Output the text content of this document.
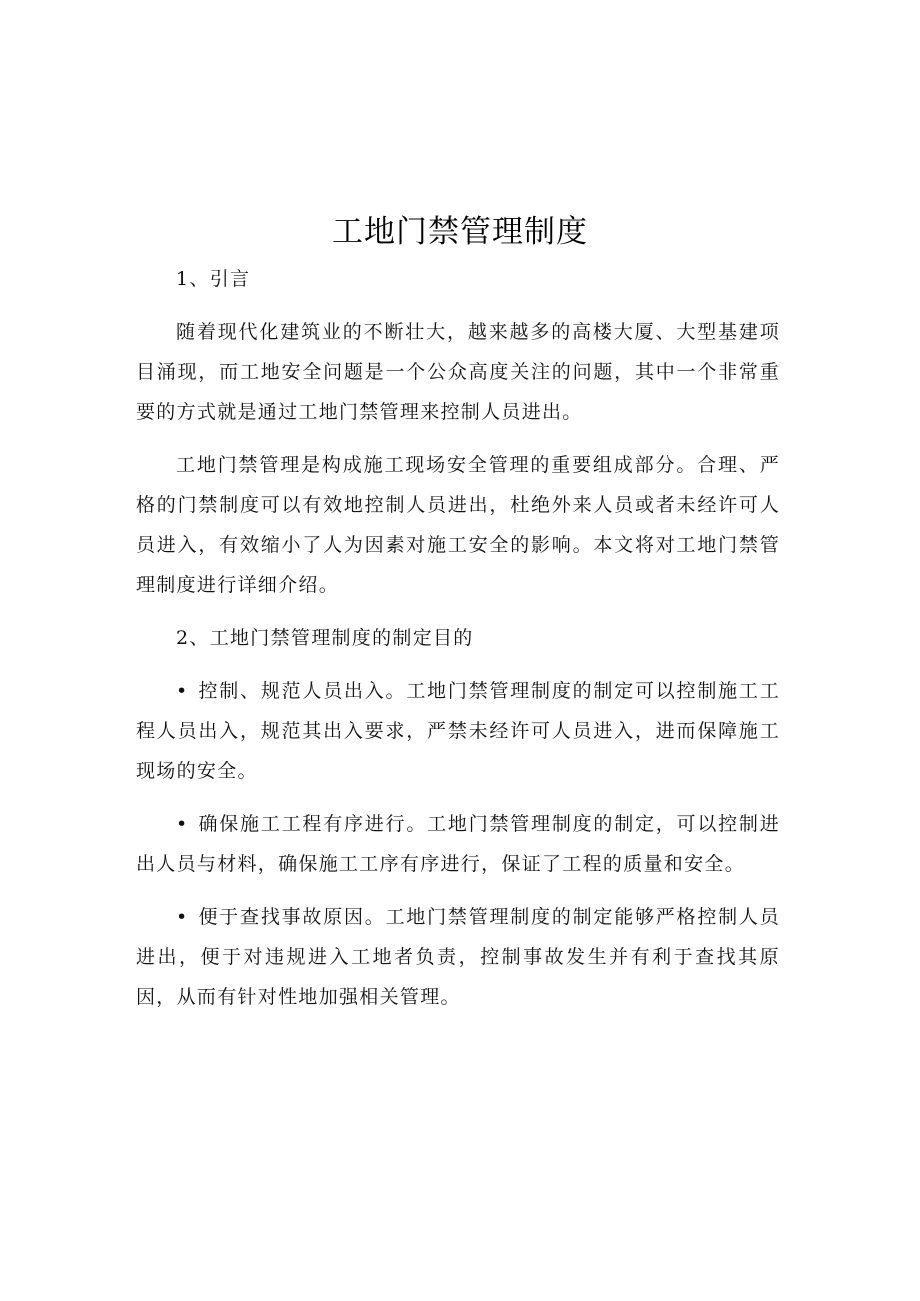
工地门禁管理制度

1、引言

随着现代化建筑业的不断壮大，越来越多的高楼大厦、大型基建项目涌现，而工地安全问题是一个公众高度关注的问题，其中一个非常重要的方式就是通过工地门禁管理来控制人员进出。

工地门禁管理是构成施工现场安全管理的重要组成部分。合理、严格的门禁制度可以有效地控制人员进出，杜绝外来人员或者未经许可人员进入，有效缩小了人为因素对施工安全的影响。本文将对工地门禁管理制度进行详细介绍。

2、工地门禁管理制度的制定目的

• 控制、规范人员出入。工地门禁管理制度的制定可以控制施工工程人员出入，规范其出入要求，严禁未经许可人员进入，进而保障施工现场的安全。

• 确保施工工程有序进行。工地门禁管理制度的制定，可以控制进出人员与材料，确保施工工序有序进行，保证了工程的质量和安全。

• 便于查找事故原因。工地门禁管理制度的制定能够严格控制人员进出，便于对违规进入工地者负责，控制事故发生并有利于查找其原因，从而有针对性地加强相关管理。
